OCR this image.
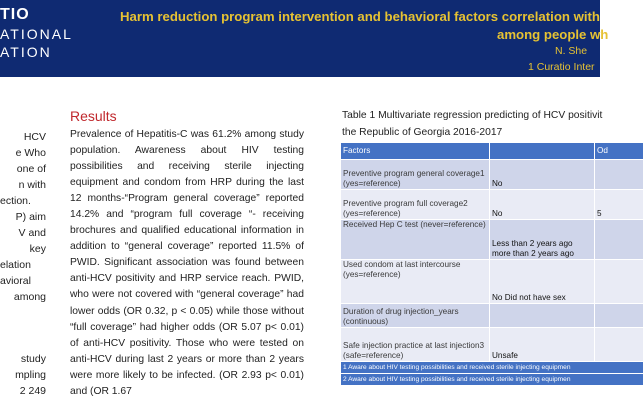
TIO
ATIONAL
ATION
Harm reduction program intervention and behavioral factors correlation with
among people wh
N. She
1 Curatio Inter
HCV
e Who
one of
n with
ection.
P) aim
V and
key
elation
avioral
among
study
mpling
2 249
Results

Prevalence of Hepatitis-C was 61.2% among study population. Awareness about HIV testing possibilities and receiving sterile injecting equipment and condom from HRP during the last 12 months-“Program general coverage” reported 14.2% and “program full coverage “- receiving brochures and qualified educational information in addition to “general coverage” reported 11.5% of PWID. Significant association was found between anti-HCV positivity and HRP service reach. PWID, who were not covered with “general coverage” had lower odds (OR 0.32, p < 0.05) while those without “full coverage” had higher odds (OR 5.07 p< 0.01) of anti-HCV positivity. Those who were tested on anti-HCV during last 2 years or more than 2 years were more likely to be infected. (OR 2.93 p< 0.01) and (OR 1.67

Table 1 Multivariate regression predicting of HCV positivit
the Republic of Georgia 2016-2017
Factors		Od
Preventive program general coverage1 (yes=reference)	No	
Preventive program full coverage2 (yes=reference)	No	5
Received Hep C test (never=reference)	Less than 2 years ago more than 2 years ago	
Used condom at last intercourse (yes=reference)	No Did not have sex	
Duration of drug injection_years (continuous)		
Safe injection practice at last injection3 (safe=reference)	Unsafe	
1 Aware about HIV testing possibilities and received sterile injecting equipmen		
2 Aware about HIV testing possibilities and received sterile injecting equipmen		
